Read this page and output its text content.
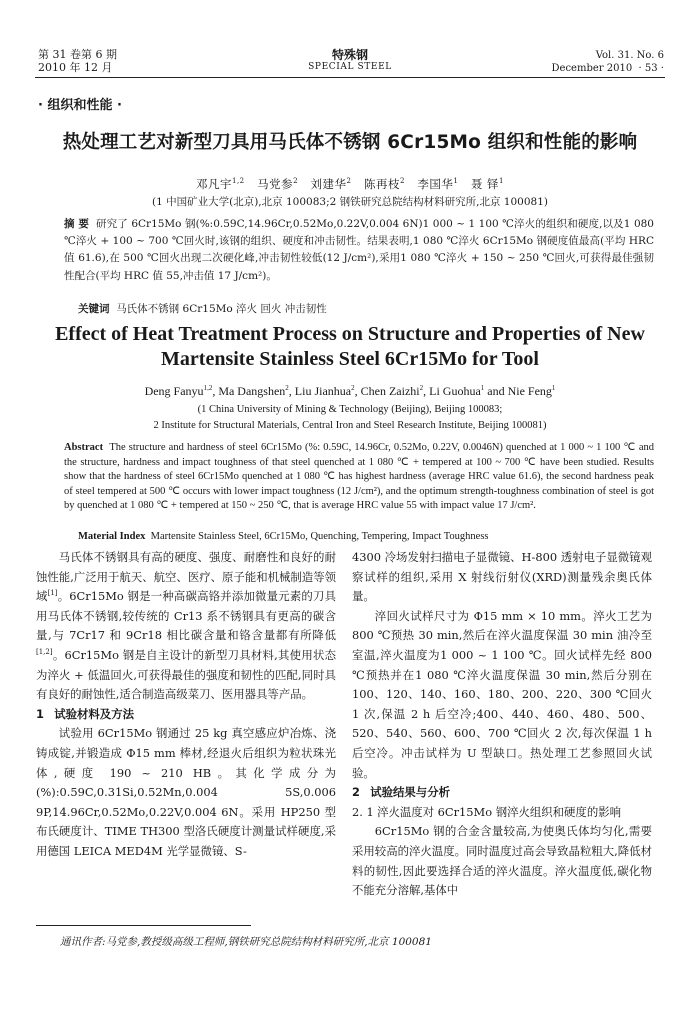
第 31 卷第 6 期
2010 年 12 月
特殊钢
SPECIAL STEEL
Vol. 31. No. 6
December 2010 · 53 ·
· 组织和性能 ·
热处理工艺对新型刀具用马氏体不锈钢 6Cr15Mo 组织和性能的影响
邓凡宇$^{1,2}$ 马党参$^2$ 刘建华$^2$ 陈再枝$^2$ 李国华$^1$ 聂 铎$^1$
(1 中国矿业大学(北京),北京 100083;2 钢铁研究总院结构材料研究所,北京 100081)
摘 要 研究了 6Cr15Mo 钢(%:0.59C,14.96Cr,0.52Mo,0.22V,0.004 6N)1 000 ~ 1 100 ℃淬火的组织和硬度,以及1 080 ℃淬火 + 100 ~ 700 ℃回火时,该钢的组织、硬度和冲击韧性。结果表明,1 080 ℃淬火 6Cr15Mo 钢硬度值最高(平均 HRC 值 61.6),在 500 ℃回火出现二次硬化峰,冲击韧性较低(12 J/cm²),采用1 080 ℃淬火 + 150 ~ 250 ℃回火,可获得最佳强韧性配合(平均 HRC 值 55,冲击值 17 J/cm²)。
关键词 马氏体不锈钢 6Cr15Mo 淬火 回火 冲击韧性
Effect of Heat Treatment Process on Structure and Properties of New Martensite Stainless Steel 6Cr15Mo for Tool
Deng Fanyu$^{1,2}$, Ma Dangshen$^2$, Liu Jianhua$^2$, Chen Zaizhi$^2$, Li Guohua$^1$ and Nie Feng$^1$
(1 China University of Mining & Technology (Beijing), Beijing 100083;
2 Institute for Structural Materials, Central Iron and Steel Research Institute, Beijing 100081)
Abstract The structure and hardness of steel 6Cr15Mo (%: 0.59C, 14.96Cr, 0.52Mo, 0.22V, 0.0046N) quenched at 1 000 ~ 1 100 ℃ and the structure, hardness and impact toughness of that steel quenched at 1 080 ℃ + tempered at 100 ~ 700 ℃ have been studied. Results show that the hardness of steel 6Cr15Mo quenched at 1 080 ℃ has highest hardness (average HRC value 61.6), the second hardness peak of steel tempered at 500 ℃ occurs with lower impact toughness (12 J/cm²), and the optimum strength-toughness combination of steel is got by quenched at 1 080 ℃ + tempered at 150 ~ 250 ℃, that is average HRC value 55 with impact value 17 J/cm².
Material Index Martensite Stainless Steel, 6Cr15Mo, Quenching, Tempering, Impact Toughness

马氏体不锈钢具有高的硬度、强度、耐磨性和良好的耐蚀性能,广泛用于航天、航空、医疗、原子能和机械制造等领域[1]。6Cr15Mo 钢是一种高碳高铬并添加微量元素的刀具用马氏体不锈钢,较传统的 Cr13 系不锈钢具有更高的碳含量,与 7Cr17 和 9Cr18 相比碳含量和铬含量都有所降低[1,2]。6Cr15Mo 钢是自主设计的新型刀具材料,其使用状态为淬火 + 低温回火,可获得最佳的强度和韧性的匹配,同时具有良好的耐蚀性,适合制造高级菜刀、医用器具等产品。

1 试验材料及方法

试验用 6Cr15Mo 钢通过 25 kg 真空感应炉冶炼、浇铸成锭,并锻造成 Φ15 mm 棒材,经退火后组织为粒状珠光体,硬度 190 ~ 210 HB。其化学成分为(%):0.59C,0.31Si,0.52Mn,0.004 5S,0.006 9P,14.96Cr,0.52Mo,0.22V,0.004 6N。采用 HP250 型布氏硬度计、TIME TH300 型洛氏硬度计测量试样硬度,采用德国 LEICA MED4M 光学显微镜、S-

4300 冷场发射扫描电子显微镜、H-800 透射电子显微镜观察试样的组织,采用 X 射线衍射仪(XRD)测量残余奥氏体量。

淬回火试样尺寸为 Φ15 mm × 10 mm。淬火工艺为 800 ℃预热 30 min,然后在淬火温度保温 30 min 油冷至室温,淬火温度为1 000 ~ 1 100 ℃。回火试样先经 800 ℃预热并在1 080 ℃淬火温度保温 30 min,然后分别在 100、120、140、160、180、200、220、300 ℃回火 1 次,保温 2 h 后空冷;400、440、460、480、500、520、540、560、600、700 ℃回火 2 次,每次保温 1 h 后空冷。冲击试样为 U 型缺口。热处理工艺参照回火试验。

2 试验结果与分析

2. 1 淬火温度对 6Cr15Mo 钢淬火组织和硬度的影响

6Cr15Mo 钢的合金含量较高,为使奥氏体均匀化,需要采用较高的淬火温度。同时温度过高会导致晶粒粗大,降低材料的韧性,因此要选择合适的淬火温度。淬火温度低,碳化物不能充分溶解,基体中

通讯作者:马党参,教授级高级工程师,钢铁研究总院结构材料研究所,北京 100081
